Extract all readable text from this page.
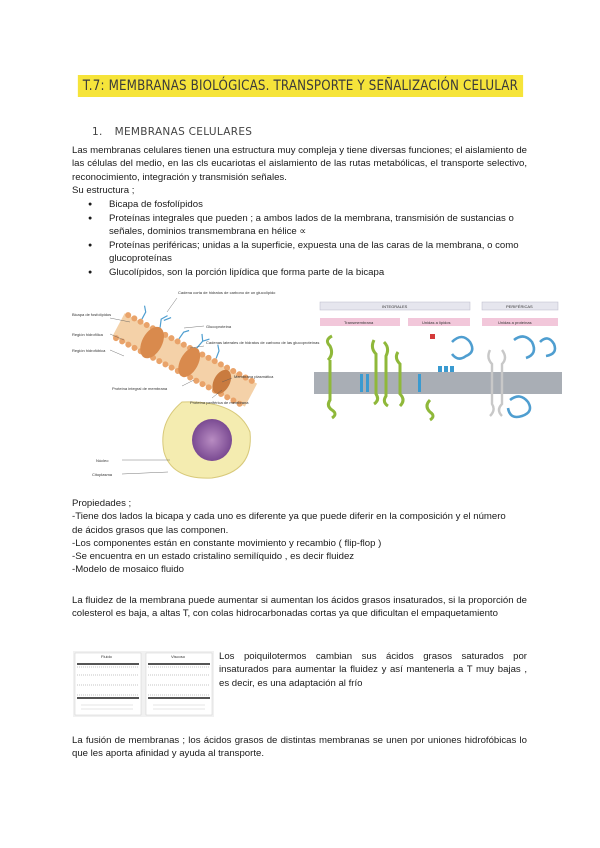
T.7: MEMBRANAS BIOLÓGICAS. TRANSPORTE Y SEÑALIZACIÓN CELULAR
1. MEMBRANAS CELULARES

Las membranas celulares tienen una estructura muy compleja y tiene diversas funciones; el aislamiento de las células del medio, en las cls eucariotas el aislamiento de las rutas metabólicas, el transporte selectivo, reconocimiento, integración y transmisión señales.
Su estructura ;

● Bicapa de fosfolípidos
● Proteínas integrales que pueden ; a ambos lados de la membrana, transmisión de sustancias o señales, dominios transmembrana en hélice ∝
● Proteínas periféricas; unidas a la superficie, expuesta una de las caras de la membrana, o como glucoproteínas
● Glucolípidos, son la porción lipídica que forma parte de la bicapa
Bicapa de fosfolípidos
Región hidrofílica
Región hidrofóbica
Cadena corta de hidratos de carbono de un glucolípido
Glucoproteína
Cadenas laterales de hidratos de carbono de las glucoproteínas
Membrana plasmática
Proteína integral de membrana
Proteína periférica de membrana
Núcleo
Citoplasma
INTEGRALES	PERIFÉRICAS
Transmembrana	Unidas a lípidos	Unidas a proteínas
Propiedades ;
-Tiene dos lados la bicapa y cada uno es diferente ya que puede diferir en la composición y el número
de ácidos grasos que las componen.
-Los componentes están en constante movimiento y recambio ( flip-flop )
-Se encuentra en un estado cristalino semilíquido , es decir fluidez
-Modelo de mosaico fluido

La fluidez de la membrana puede aumentar si aumentan los ácidos grasos insaturados, si la proporción de colesterol es baja, a altas T, con colas hidrocarbonadas cortas ya que dificultan el empaquetamiento

Fluido	Viscoso	Los poiquilotermos cambian sus ácidos grasos saturados por insaturados para aumentar la fluidez y así mantenerla a T muy bajas , es decir, es una adaptación al frío

La fusión de membranas ; los ácidos grasos de distintas membranas se unen por uniones hidrofóbicas lo que les aporta afinidad y ayuda al transporte.
